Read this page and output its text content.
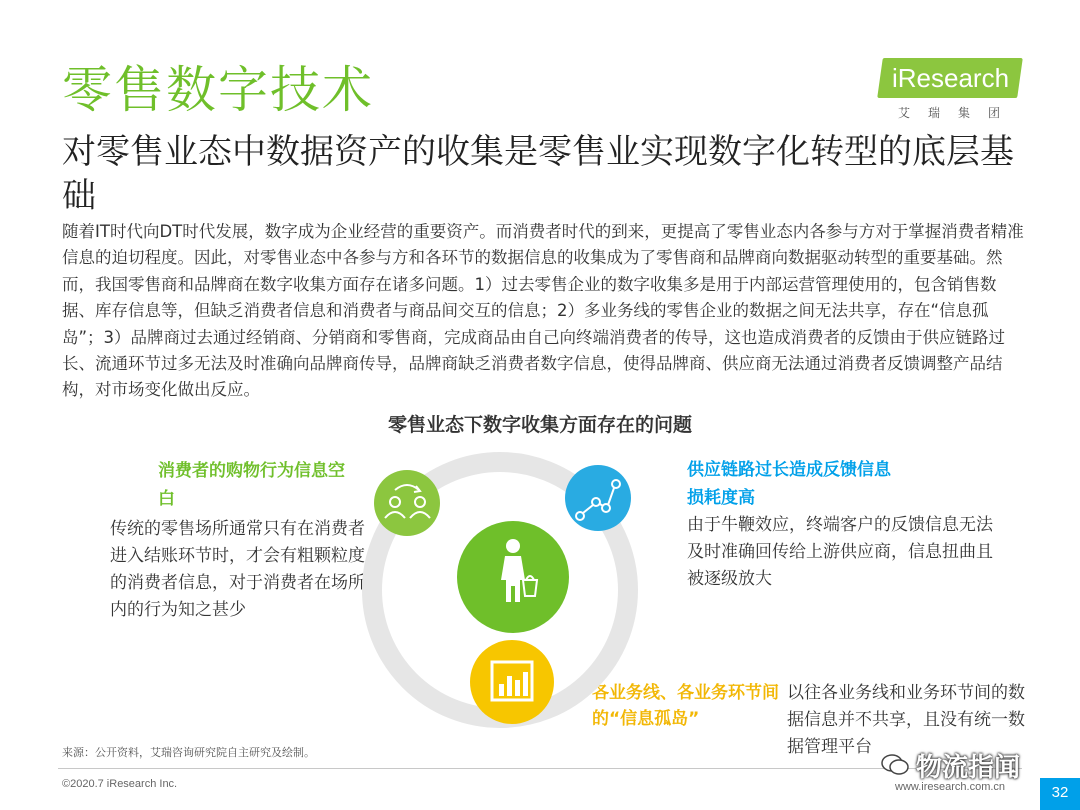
零售数字技术	iResearch
艾瑞集团
对零售业态中数据资产的收集是零售业实现数字化转型的底层基础
随着IT时代向DT时代发展，数字成为企业经营的重要资产。而消费者时代的到来，更提高了零售业态内各参与方对于掌握消费者精准信息的迫切程度。因此，对零售业态中各参与方和各环节的数据信息的收集成为了零售商和品牌商向数据驱动转型的重要基础。然而，我国零售商和品牌商在数字收集方面存在诸多问题。1）过去零售企业的数字收集多是用于内部运营管理使用的，包含销售数据、库存信息等，但缺乏消费者信息和消费者与商品间交互的信息；2）多业务线的零售企业的数据之间无法共享，存在“信息孤岛”；3）品牌商过去通过经销商、分销商和零售商，完成商品由自己向终端消费者的传导，这也造成消费者的反馈由于供应链路过长、流通环节过多无法及时准确向品牌商传导，品牌商缺乏消费者数字信息，使得品牌商、供应商无法通过消费者反馈调整产品结构，对市场变化做出反应。
零售业态下数字收集方面存在的问题
消费者的购物行为信息空白
传统的零售场所通常只有在消费者进入结账环节时，才会有粗颗粒度的消费者信息，对于消费者在场所内的行为知之甚少
供应链路过长造成反馈信息损耗度高
由于牛鞭效应，终端客户的反馈信息无法及时准确回传给上游供应商，信息扭曲且被逐级放大
各业务线、各业务环节间的“信息孤岛”
以往各业务线和业务环节间的数据信息并不共享，且没有统一数据管理平台
来源：公开资料，艾瑞咨询研究院自主研究及绘制。
©2020.7 iResearch Inc.
物流指闻
www.iresearch.com.cn	32
